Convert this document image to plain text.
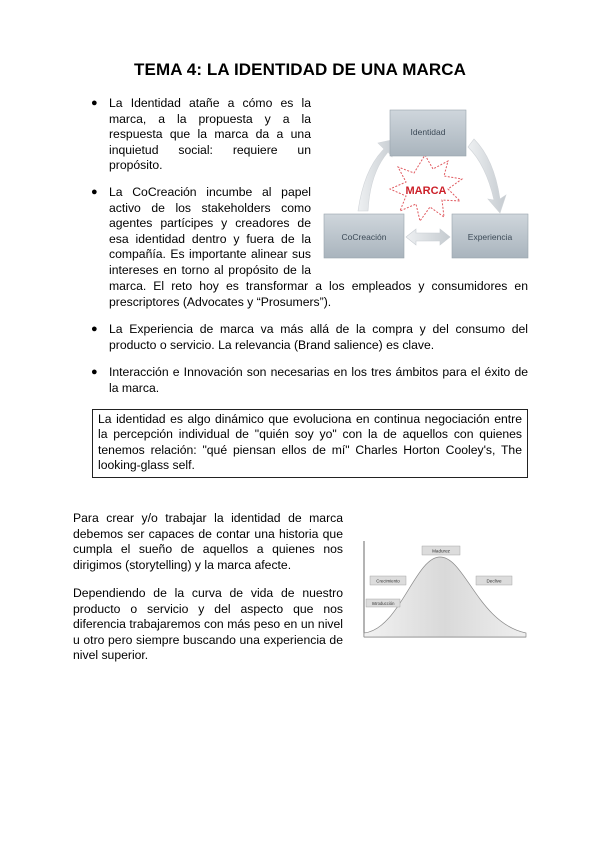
TEMA 4: LA IDENTIDAD DE UNA MARCA
● La Identidad atañe a cómo es la marca, a la propuesta y a la respuesta que la marca da a una inquietud social: requiere un propósito.

● La CoCreación incumbe al papel activo de los stakeholders como agentes partícipes y creadores de esa identidad dentro y fuera de la compañía. Es importante alinear sus intereses en torno al propósito de la

marca. El reto hoy es transformar a los empleados y consumidores en prescriptores (Advocates y “Prosumers”).

● La Experiencia de marca va más allá de la compra y del consumo del producto o servicio. La relevancia (Brand salience) es clave.

● Interacción e Innovación son necesarias en los tres ámbitos para el éxito de la marca.

La identidad es algo dinámico que evoluciona en continua negociación entre la percepción individual de "quién soy yo" con la de aquellos con quienes tenemos relación: "qué piensan ellos de mí" Charles Horton Cooley's, The looking-glass self.

Para crear y/o trabajar la identidad de marca debemos ser capaces de contar una historia que cumpla el sueño de aquellos a quienes nos dirigimos (storytelling) y la marca afecte.

Dependiendo de la curva de vida de nuestro producto o servicio y del aspecto que nos diferencia trabajaremos con más peso en un nivel u otro pero siempre buscando una experiencia de nivel superior.

MARCA
Identidad
CoCreación	Experiencia
Introducción
Crecimiento
Madurez
Declive
